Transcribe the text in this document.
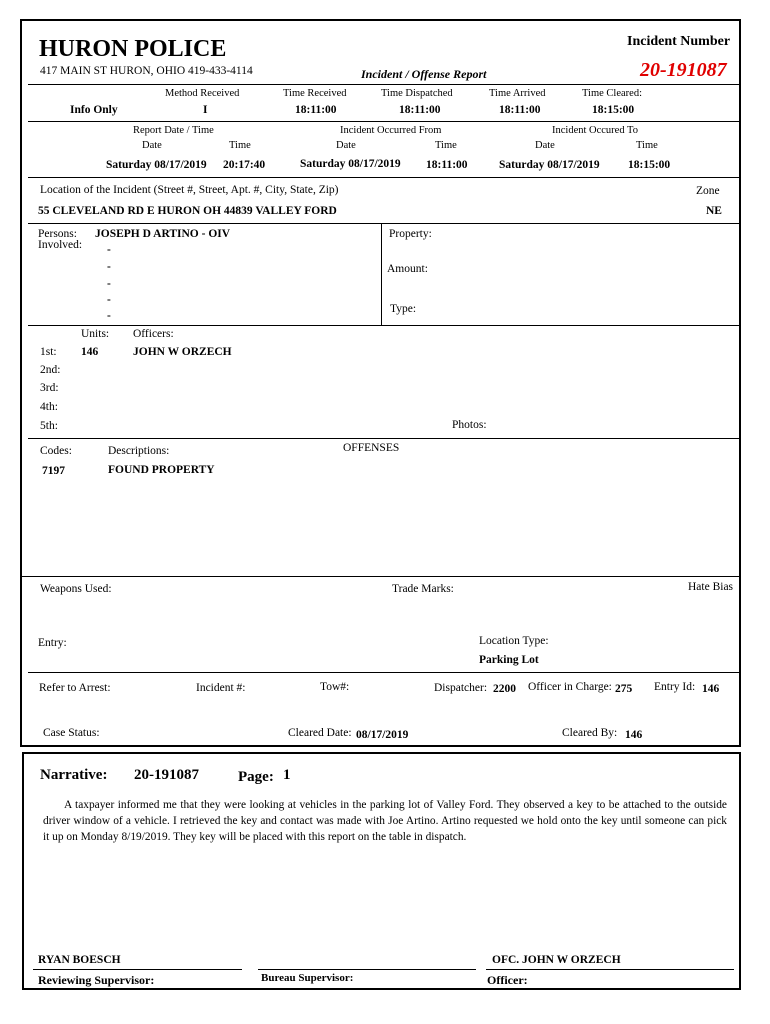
HURON POLICE
417 MAIN ST HURON, OHIO 419-433-4114	Incident / Offense Report
Incident Number
20-191087
Method Received	Time Received	Time Dispatched	Time Arrived	Time Cleared:
Info Only	I	18:11:00	18:11:00	18:11:00	18:15:00
Report Date / Time	Incident Occurred From	Incident Occured To
Date	Time	Date	Time	Date	Time
Saturday 08/17/2019 20:17:40	Saturday 08/17/2019 18:11:00	Saturday 08/17/2019 18:15:00
Location of the Incident (Street #, Street, Apt. #, City, State, Zip)	Zone
55 CLEVELAND RD E HURON OH 44839 VALLEY FORD	NE
Persons:
Involved:
JOSEPH D ARTINO - OIV
-
-
-
-
-
Property:
Amount:
Type:
Units: Officers:
1st: 146	JOHN W ORZECH
2nd:
3rd:
4th:
5th:	Photos:
OFFENSES
Codes:	Descriptions:
7197	FOUND PROPERTY
Weapons Used:	Trade Marks:	Hate Bias
Entry:	Location Type:
Parking Lot
Refer to Arrest:	Incident #:	Tow#:	Dispatcher: 2200 Officer in Charge: 275 Entry Id: 146
Case Status:	Cleared Date: 08/17/2019	Cleared By: 146
Narrative: 20-191087	Page: 1
A taxpayer informed me that they were looking at vehicles in the parking lot of Valley Ford. They observed a key to be attached to the outside driver window of a vehicle. I retrieved the key and contact was made with Joe Artino. Artino requested we hold onto the key until someone can pick it up on Monday 8/19/2019. They key will be placed with this report on the table in dispatch.
RYAN BOESCH
Reviewing Supervisor:	Bureau Supervisor:
OFC. JOHN W ORZECH
Officer:
